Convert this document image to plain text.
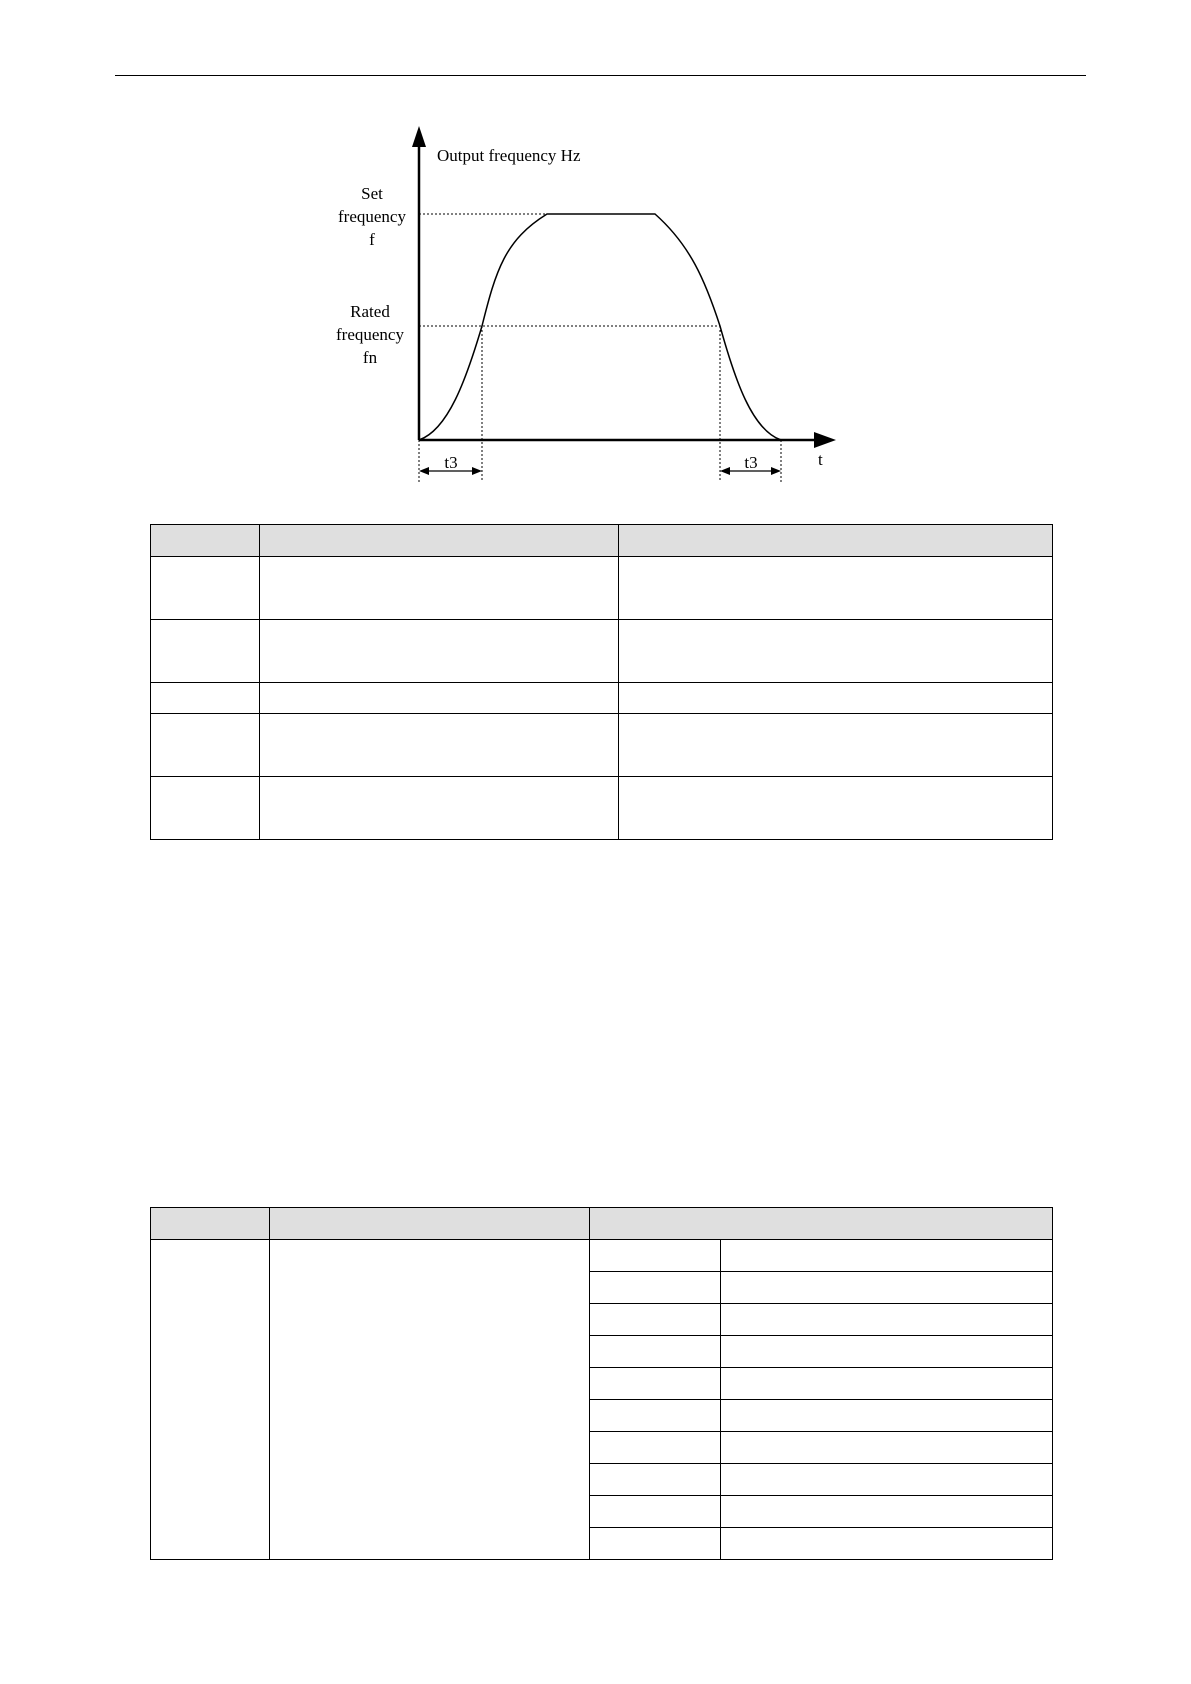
Output frequency Hz
t
Set
frequency
f
Rated
frequency
fn
t3	t3
